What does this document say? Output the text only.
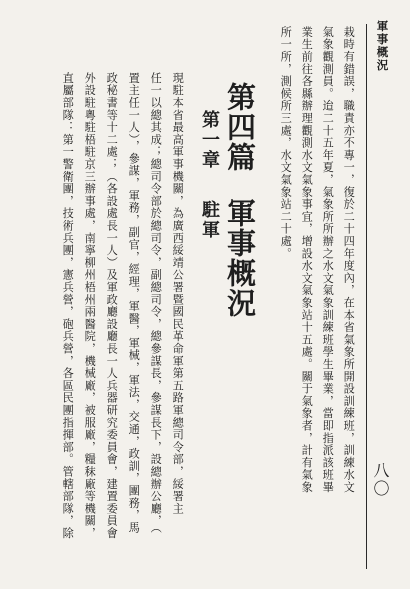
軍事概況
八〇
栽時有錯誤，職責亦不專一，復於二十四年度內，在本省氣象所開設訓練班，訓練水文
氣象觀測員。迨二十五年夏，氣象所所辦之水文氣象訓練班學生畢業，當即指派該班畢
業生前往各縣辦理觀測水文氣象事宜，增設水文氣象站十五處。關于氣象者，計有氣象
所一所，測候所三處，水文氣象站二十處。
第四篇軍事概況
第一章駐軍
現駐本省最高軍事機關，為廣西綏靖公署暨國民革命軍第五路軍總司令部，綏署主
任一以總其成；總司令部於總司令，副總司令，總參謀長，參謀長下，設總辦公廳，（
置主任一人），參謀，軍務，副官，經理，軍醫，軍械，軍法，交通，政訓，團務，馬
政秘書等十二處；（各設處長一人）及軍政廳設廳長一人兵器研究委員會，建置委員會
外設駐粵駐梧駐京三辦事處，南寧柳州梧州兩醫院，機械廠，被服廠，糧秣廠等機關，
直屬部隊：第一警衛團，技術兵團，憲兵營，砲兵營，各區民團指揮部。管轄部隊，除
